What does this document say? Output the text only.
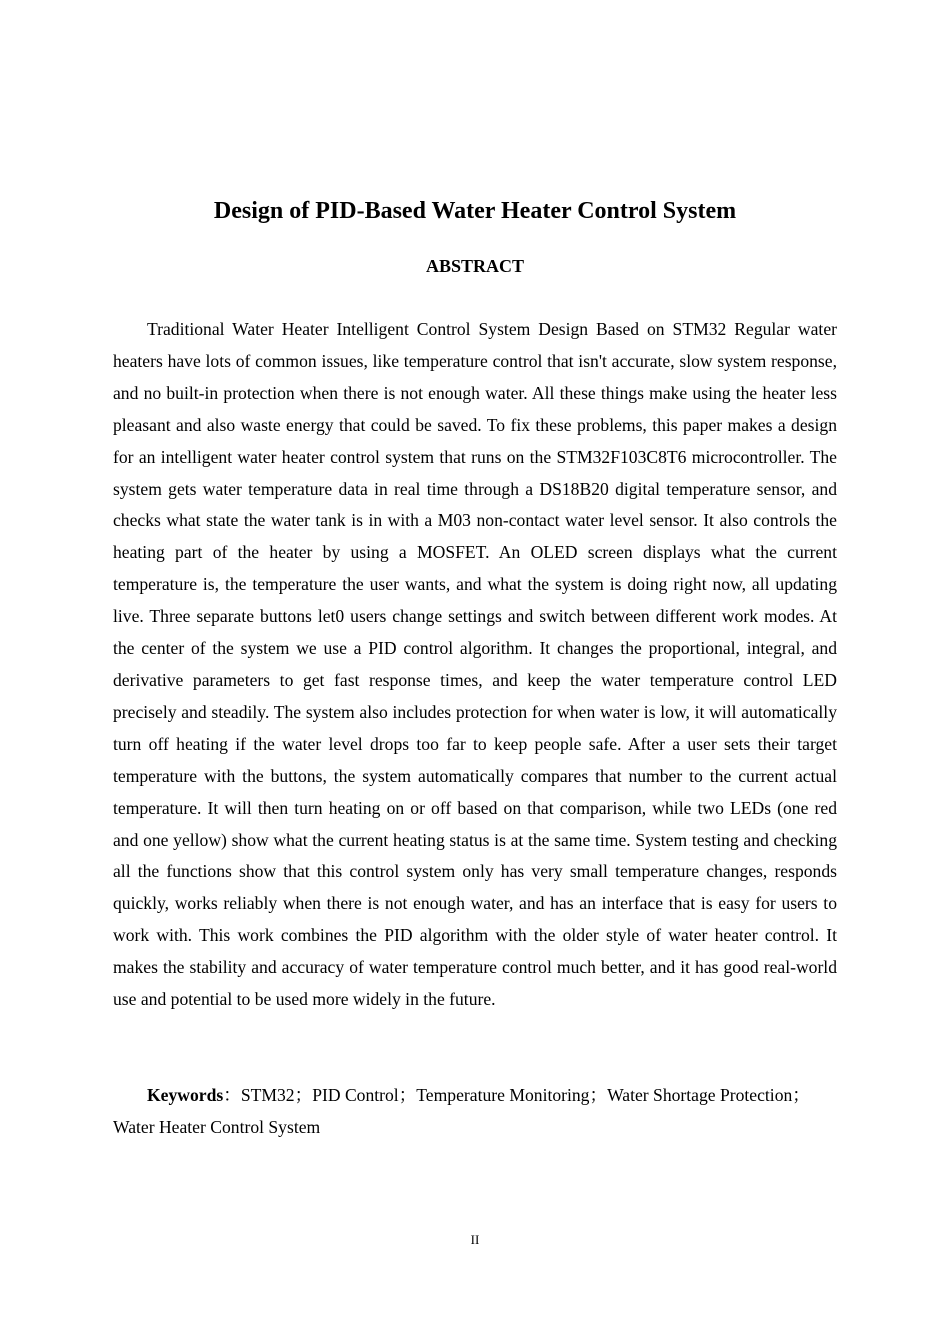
Design of PID-Based Water Heater Control System
ABSTRACT

Traditional Water Heater Intelligent Control System Design Based on STM32 Regular water heaters have lots of common issues, like temperature control that isn't accurate, slow system response, and no built-in protection when there is not enough water. All these things make using the heater less pleasant and also waste energy that could be saved. To fix these problems, this paper makes a design for an intelligent water heater control system that runs on the STM32F103C8T6 microcontroller. The system gets water temperature data in real time through a DS18B20 digital temperature sensor, and checks what state the water tank is in with a M03 non-contact water level sensor. It also controls the heating part of the heater by using a MOSFET. An OLED screen displays what the current temperature is, the temperature the user wants, and what the system is doing right now, all updating live. Three separate buttons let0 users change settings and switch between different work modes. At the center of the system we use a PID control algorithm. It changes the proportional, integral, and derivative parameters to get fast response times, and keep the water temperature control LED precisely and steadily. The system also includes protection for when water is low, it will automatically turn off heating if the water level drops too far to keep people safe. After a user sets their target temperature with the buttons, the system automatically compares that number to the current actual temperature. It will then turn heating on or off based on that comparison, while two LEDs (one red and one yellow) show what the current heating status is at the same time. System testing and checking all the functions show that this control system only has very small temperature changes, responds quickly, works reliably when there is not enough water, and has an interface that is easy for users to work with. This work combines the PID algorithm with the older style of water heater control. It makes the stability and accuracy of water temperature control much better, and it has good real-world use and potential to be used more widely in the future.

Keywords：STM32；PID Control；Temperature Monitoring；Water Shortage Protection；Water Heater Control System

II
